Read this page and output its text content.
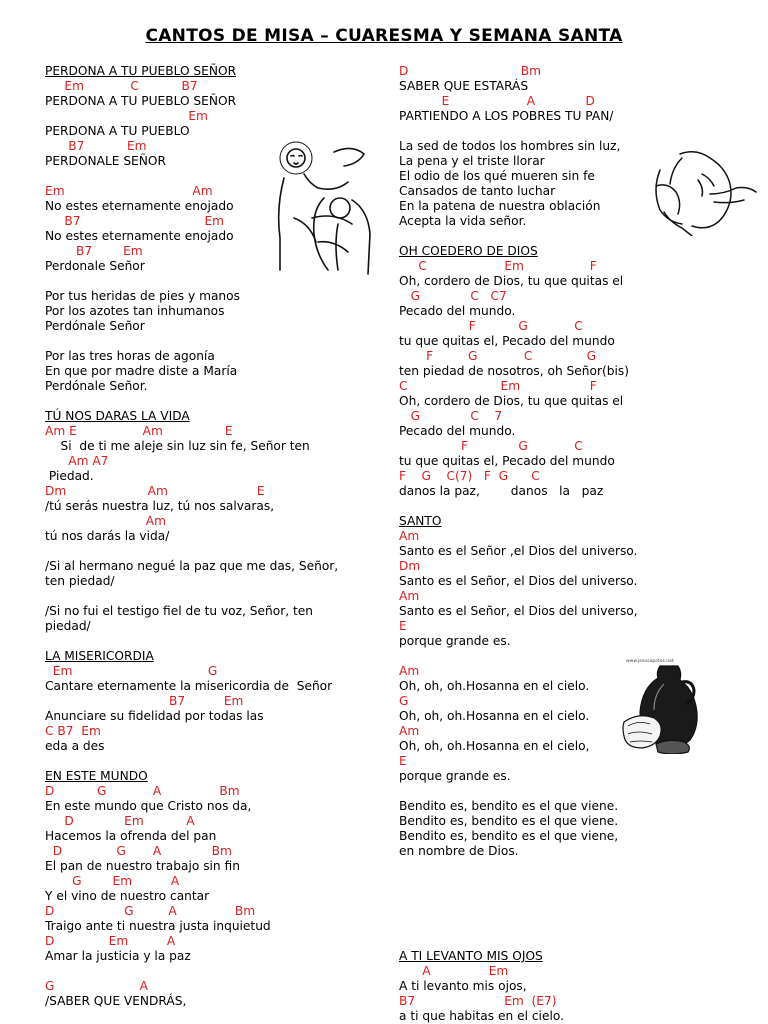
CANTOS DE MISA – CUARESMA Y SEMANA SANTA
PERDONA A TU PUEBLO SEÑOR
Em            C           B7
PERDONA A TU PUEBLO SEÑOR
Em
PERDONA A TU PUEBLO
B7           Em
PERDONALE SEÑOR
Em                                 Am
No estes eternamente enojado
B7                                Em
No estes eternamente enojado
B7        Em
Perdonale Señor
Por tus heridas de pies y manos
Por los azotes tan inhumanos
Perdónale Señor
Por las tres horas de agonía
En que por madre diste a María
Perdónale Señor.
TÚ NOS DARAS LA VIDA
Am E                 Am                E
Si  de ti me aleje sin luz sin fe, Señor ten
Am A7
Piedad.
Dm                     Am                       E
/tú serás nuestra luz, tú nos salvaras,
Am
tú nos darás la vida/
/Si al hermano negué la paz que me das, Señor,
ten piedad/
/Si no fui el testigo fiel de tu voz, Señor, ten
piedad/
LA MISERICORDIA
Em                                   G
Cantare eternamente la misericordia de  Señor
B7          Em
Anunciare su fidelidad por todas las
C B7  Em
eda a des
EN ESTE MUNDO
D           G            A               Bm
En este mundo que Cristo nos da,
D             Em           A
Hacemos la ofrenda del pan
D              G       A             Bm
El pan de nuestro trabajo sin fin
G        Em          A
Y el vino de nuestro cantar
D                  G         A               Bm
Traigo ante ti nuestra justa inquietud
D              Em          A
Amar la justicia y la paz
G                      A
/SABER QUE VENDRÁS,
D                             Bm
SABER QUE ESTARÁS
E                    A             D
PARTIENDO A LOS POBRES TU PAN/
La sed de todos los hombres sin luz,
La pena y el triste llorar
El odio de los qué mueren sin fe
Cansados de tanto luchar
En la patena de nuestra oblación
Acepta la vida señor.
OH COEDERO DE DIOS
C                    Em                 F
Oh, cordero de Dios, tu que quitas el
G             C   C7
Pecado del mundo.
F           G            C
tu que quitas el, Pecado del mundo
F         G            C              G
ten piedad de nosotros, oh Señor(bis)
C                        Em                  F
Oh, cordero de Dios, tu que quitas el
G             C    7
Pecado del mundo.
F             G            C
tu que quitas el, Pecado del mundo
F    G    C(7)   F  G      C
danos la paz,        danos   la   paz
SANTO
Am
Santo es el Señor ,el Dios del universo.
Dm
Santo es el Señor, el Dios del universo.
Am
Santo es el Señor, el Dios del universo,
E
porque grande es.
Am
Oh, oh, oh.Hosanna en el cielo.
G
Oh, oh, oh.Hosanna en el cielo.
Am
Oh, oh, oh.Hosanna en el cielo,
E
porque grande es.
Bendito es, bendito es el que viene.
Bendito es, bendito es el que viene.
Bendito es, bendito es el que viene,
en nombre de Dios.
A TI LEVANTO MIS OJOS
A               Em
A ti levanto mis ojos,
B7                       Em  (E7)
a ti que habitas en el cielo.
www.jesusapotos.net
